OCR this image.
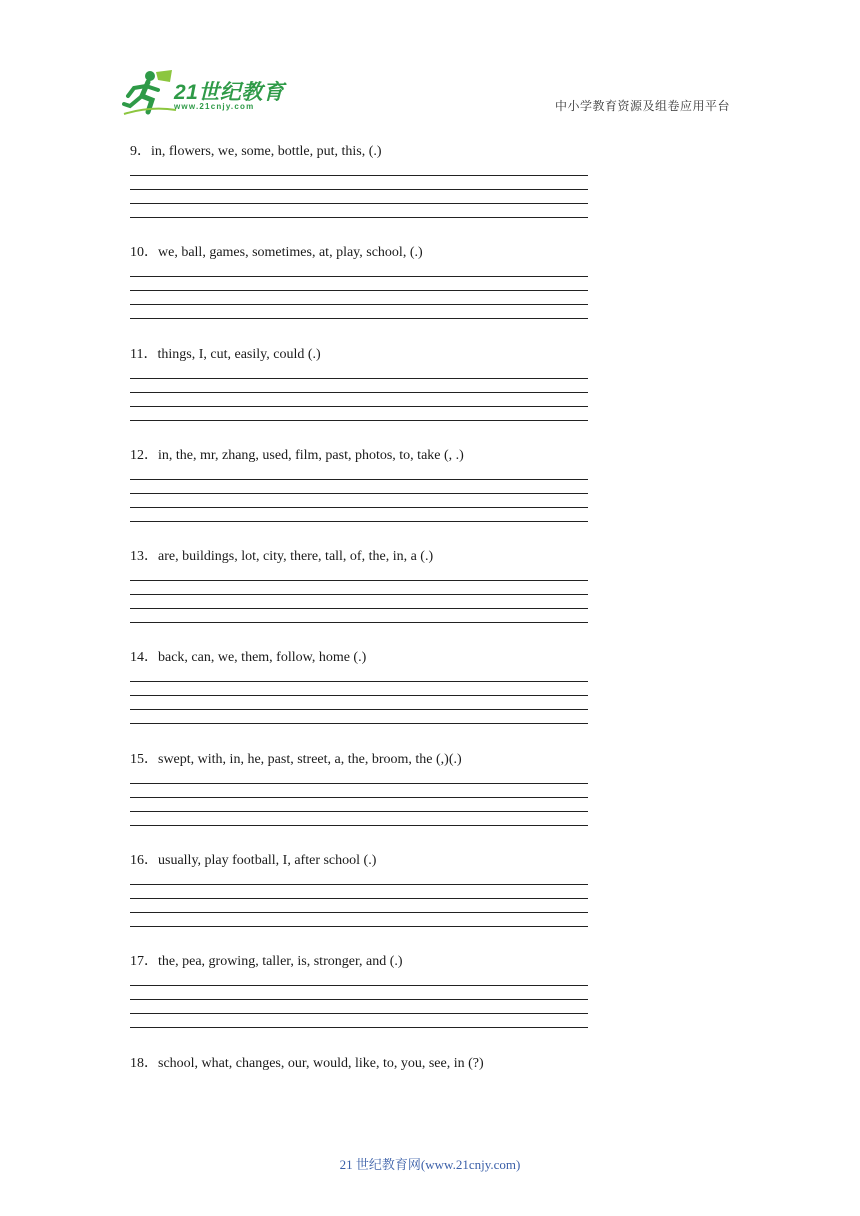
21世纪教育
www.21cnjy.com	中小学教育资源及组卷应用平台
9．in, flowers, we, some, bottle, put, this, (.)
10．we, ball, games, sometimes, at, play, school, (.)
11．things, I, cut, easily, could (.)
12．in, the, mr, zhang, used, film, past, photos, to, take (, .)
13．are, buildings, lot, city, there, tall, of, the, in, a (.)
14．back, can, we, them, follow, home (.)
15．swept, with, in, he, past, street, a, the, broom, the (,)(.)
16．usually, play football, I, after school (.)
17．the, pea, growing, taller, is, stronger, and (.)
18．school, what, changes, our, would, like, to, you, see, in (?)
21 世纪教育网(www.21cnjy.com)
